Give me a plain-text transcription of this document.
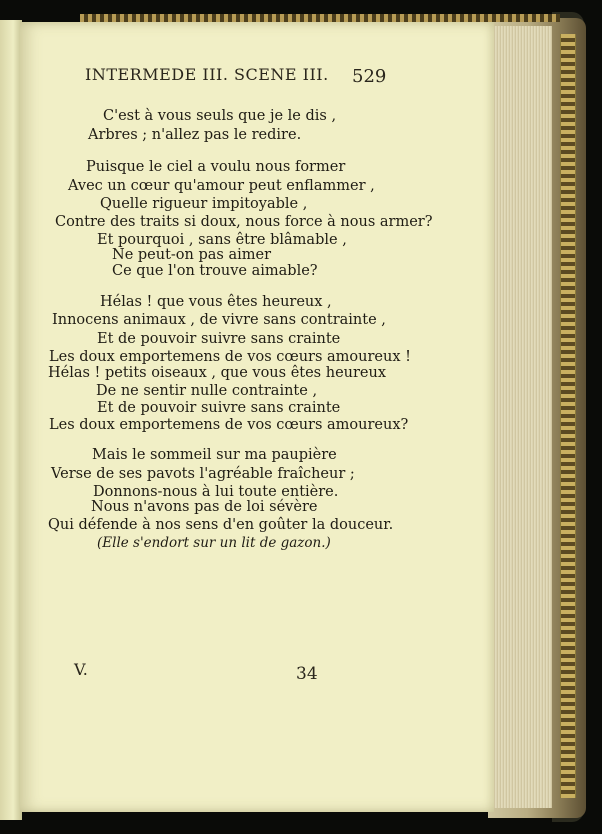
INTERMEDE III. SCENE III.	529
C'est à vous seuls que je le dis ,
Arbres ; n'allez pas le redire.
Puisque le ciel a voulu nous former
Avec un cœur qu'amour peut enflammer ,
Quelle rigueur impitoyable ,
Contre des traits si doux, nous force à nous armer?
Et pourquoi , sans être blâmable ,
Ne peut-on pas aimer
Ce que l'on trouve aimable?
Hélas ! que vous êtes heureux ,
Innocens animaux , de vivre sans contrainte ,
Et de pouvoir suivre sans crainte
Les doux emportemens de vos cœurs amoureux !
Hélas ! petits oiseaux , que vous êtes heureux
De ne sentir nulle contrainte ,
Et de pouvoir suivre sans crainte
Les doux emportemens de vos cœurs amoureux?
Mais le sommeil sur ma paupière
Verse de ses pavots l'agréable fraîcheur ;
Donnons-nous à lui toute entière.
Nous n'avons pas de loi sévère
Qui défende à nos sens d'en goûter la douceur.
(Elle s'endort sur un lit de gazon.)
V.	34
